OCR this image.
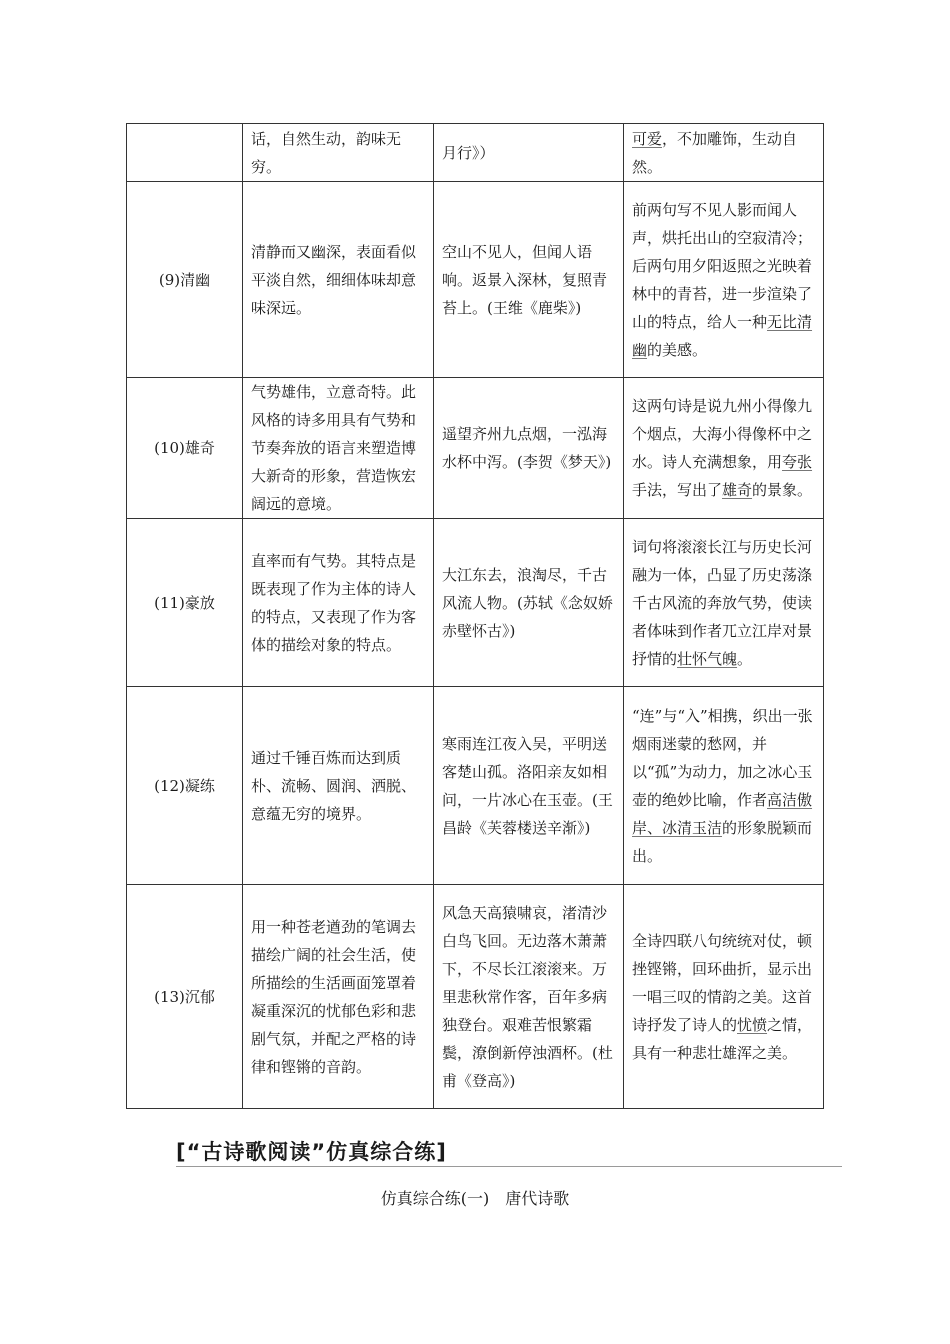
	话，自然生动，韵味无穷。	月行》）	可爱，不加雕饰，生动自然。
(9)清幽	清静而又幽深，表面看似平淡自然，细细体味却意味深远。	空山不见人，但闻人语响。返景入深林，复照青苔上。(王维《鹿柴》)	前两句写不见人影而闻人声，烘托出山的空寂清冷；后两句用夕阳返照之光映着林中的青苔，进一步渲染了山的特点，给人一种无比清幽的美感。
(10)雄奇	气势雄伟，立意奇特。此风格的诗多用具有气势和节奏奔放的语言来塑造博大新奇的形象，营造恢宏阔远的意境。	遥望齐州九点烟，一泓海水杯中泻。(李贺《梦天》)	这两句诗是说九州小得像九个烟点，大海小得像杯中之水。诗人充满想象，用夸张手法，写出了雄奇的景象。
(11)豪放	直率而有气势。其特点是既表现了作为主体的诗人的特点，又表现了作为客体的描绘对象的特点。	大江东去，浪淘尽，千古风流人物。(苏轼《念奴娇　赤壁怀古》)	词句将滚滚长江与历史长河融为一体，凸显了历史荡涤千古风流的奔放气势，使读者体味到作者兀立江岸对景抒情的壮怀气魄。
(12)凝练	通过千锤百炼而达到质朴、流畅、圆润、洒脱、意蕴无穷的境界。	寒雨连江夜入吴，平明送客楚山孤。洛阳亲友如相问，一片冰心在玉壶。(王昌龄《芙蓉楼送辛渐》)	“连”与“入”相携，织出一张烟雨迷蒙的愁网，并以“孤”为动力，加之冰心玉壶的绝妙比喻，作者高洁傲岸、冰清玉洁的形象脱颖而出。
(13)沉郁	用一种苍老遒劲的笔调去描绘广阔的社会生活，使所描绘的生活画面笼罩着凝重深沉的忧郁色彩和悲剧气氛，并配之严格的诗律和铿锵的音韵。	风急天高猿啸哀，渚清沙白鸟飞回。无边落木萧萧下，不尽长江滚滚来。万里悲秋常作客，百年多病独登台。艰难苦恨繁霜鬓，潦倒新停浊酒杯。(杜甫《登高》)	全诗四联八句统统对仗，顿挫铿锵，回环曲折，显示出一唱三叹的情韵之美。这首诗抒发了诗人的忧愤之情，具有一种悲壮雄浑之美。
[“古诗歌阅读”仿真综合练]
仿真综合练(一)　唐代诗歌
